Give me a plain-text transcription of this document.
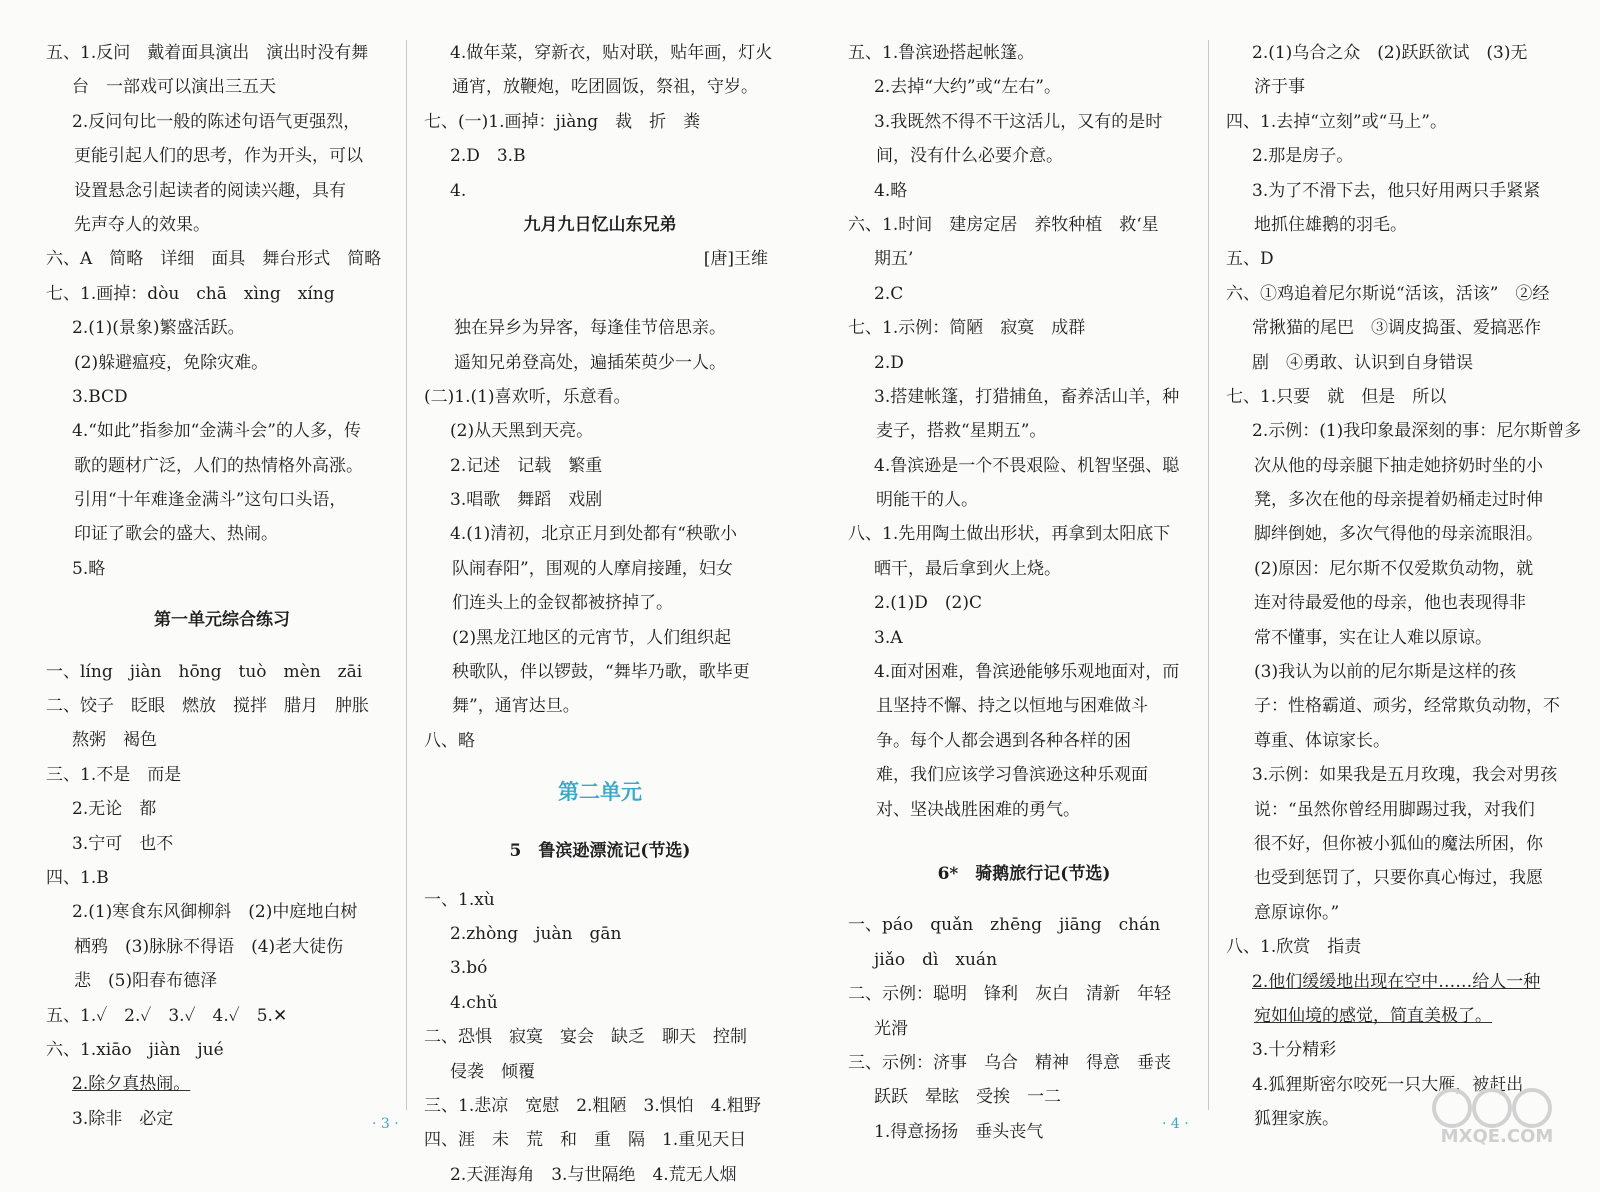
五、1.反问　戴着面具演出　演出时没有舞
台　一部戏可以演出三五天
2.反问句比一般的陈述句语气更强烈，
更能引起人们的思考，作为开头，可以
设置悬念引起读者的阅读兴趣，具有
先声夺人的效果。
六、A　简略　详细　面具　舞台形式　简略
七、1.画掉：dòu　chā　xìng　xíng
2.(1)(景象)繁盛活跃。
(2)躲避瘟疫，免除灾难。
3.BCD
4.“如此”指参加“金满斗会”的人多，传
歌的题材广泛，人们的热情格外高涨。
引用“十年难逢金满斗”这句口头语，
印证了歌会的盛大、热闹。
5.略
第一单元综合练习
一、líng　jiàn　hōng　tuò　mèn　zāi
二、饺子　眨眼　燃放　搅拌　腊月　肿胀
熬粥　褐色
三、1.不是　而是
2.无论　都
3.宁可　也不
四、1.B
2.(1)寒食东风御柳斜　(2)中庭地白树
栖鸦　(3)脉脉不得语　(4)老大徒伤
悲　(5)阳春布德泽
五、1.✓　2.✓　3.✓　4.✓　5.✕
六、1.xiāo　jiàn　jué
2.除夕真热闹。
3.除非　必定
4.做年菜，穿新衣，贴对联，贴年画，灯火
通宵，放鞭炮，吃团圆饭，祭祖，守岁。
七、(一)1.画掉：jiàng　裁　折　粪
2.D　3.B
4.
九月九日忆山东兄弟
[唐]王维
独在异乡为异客，每逢佳节倍思亲。
遥知兄弟登高处，遍插茱萸少一人。
(二)1.(1)喜欢听，乐意看。
(2)从天黑到天亮。
2.记述　记载　繁重
3.唱歌　舞蹈　戏剧
4.(1)清初，北京正月到处都有“秧歌小
队闹春阳”，围观的人摩肩接踵，妇女
们连头上的金钗都被挤掉了。
(2)黑龙江地区的元宵节，人们组织起
秧歌队，伴以锣鼓，“舞毕乃歌，歌毕更
舞”，通宵达旦。
八、略
第二单元
5　鲁滨逊漂流记(节选)
一、1.xù
2.zhòng　juàn　gān
3.bó
4.chǔ
二、恐惧　寂寞　宴会　缺乏　聊天　控制
侵袭　倾覆
三、1.悲凉　宽慰　2.粗陋　3.惧怕　4.粗野
四、涯　未　荒　和　重　隔　1.重见天日
2.天涯海角　3.与世隔绝　4.荒无人烟
五、1.鲁滨逊搭起帐篷。
2.去掉“大约”或“左右”。
3.我既然不得不干这活儿，又有的是时
间，没有什么必要介意。
4.略
六、1.时间　建房定居　养牧种植　救‘星
期五’
2.C
七、1.示例：简陋　寂寞　成群
2.D
3.搭建帐篷，打猎捕鱼，畜养活山羊，种
麦子，搭救“星期五”。
4.鲁滨逊是一个不畏艰险、机智坚强、聪
明能干的人。
八、1.先用陶土做出形状，再拿到太阳底下
晒干，最后拿到火上烧。
2.(1)D　(2)C
3.A
4.面对困难，鲁滨逊能够乐观地面对，而
且坚持不懈、持之以恒地与困难做斗
争。每个人都会遇到各种各样的困
难，我们应该学习鲁滨逊这种乐观面
对、坚决战胜困难的勇气。
6*　骑鹅旅行记(节选)
一、páo　quǎn　zhēng　jiāng　chán
jiǎo　dì　xuán
二、示例：聪明　锋利　灰白　清新　年轻
光滑
三、示例：济事　乌合　精神　得意　垂丧
跃跃　晕眩　受挨　一二
1.得意扬扬　垂头丧气
2.(1)乌合之众　(2)跃跃欲试　(3)无
济于事
四、1.去掉“立刻”或“马上”。
2.那是房子。
3.为了不滑下去，他只好用两只手紧紧
地抓住雄鹅的羽毛。
五、D
六、①鸡追着尼尔斯说“活该，活该”　②经
常揪猫的尾巴　③调皮捣蛋、爱搞恶作
剧　④勇敢、认识到自身错误
七、1.只要　就　但是　所以
2.示例：(1)我印象最深刻的事：尼尔斯曾多
次从他的母亲腿下抽走她挤奶时坐的小
凳，多次在他的母亲提着奶桶走过时伸
脚绊倒她，多次气得他的母亲流眼泪。
(2)原因：尼尔斯不仅爱欺负动物，就
连对待最爱他的母亲，他也表现得非
常不懂事，实在让人难以原谅。
(3)我认为以前的尼尔斯是这样的孩
子：性格霸道、顽劣，经常欺负动物，不
尊重、体谅家长。
3.示例：如果我是五月玫瑰，我会对男孩
说：“虽然你曾经用脚踢过我，对我们
很不好，但你被小狐仙的魔法所困，你
也受到惩罚了，只要你真心悔过，我愿
意原谅你。”
八、1.欣赏　指责
2.他们缓缓地出现在空中……给人一种
宛如仙境的感觉，简直美极了。
3.十分精彩
4.狐狸斯密尔咬死一只大雁，被赶出
狐狸家族。
· 3 ·	· 4 ·
MXQE.COM
